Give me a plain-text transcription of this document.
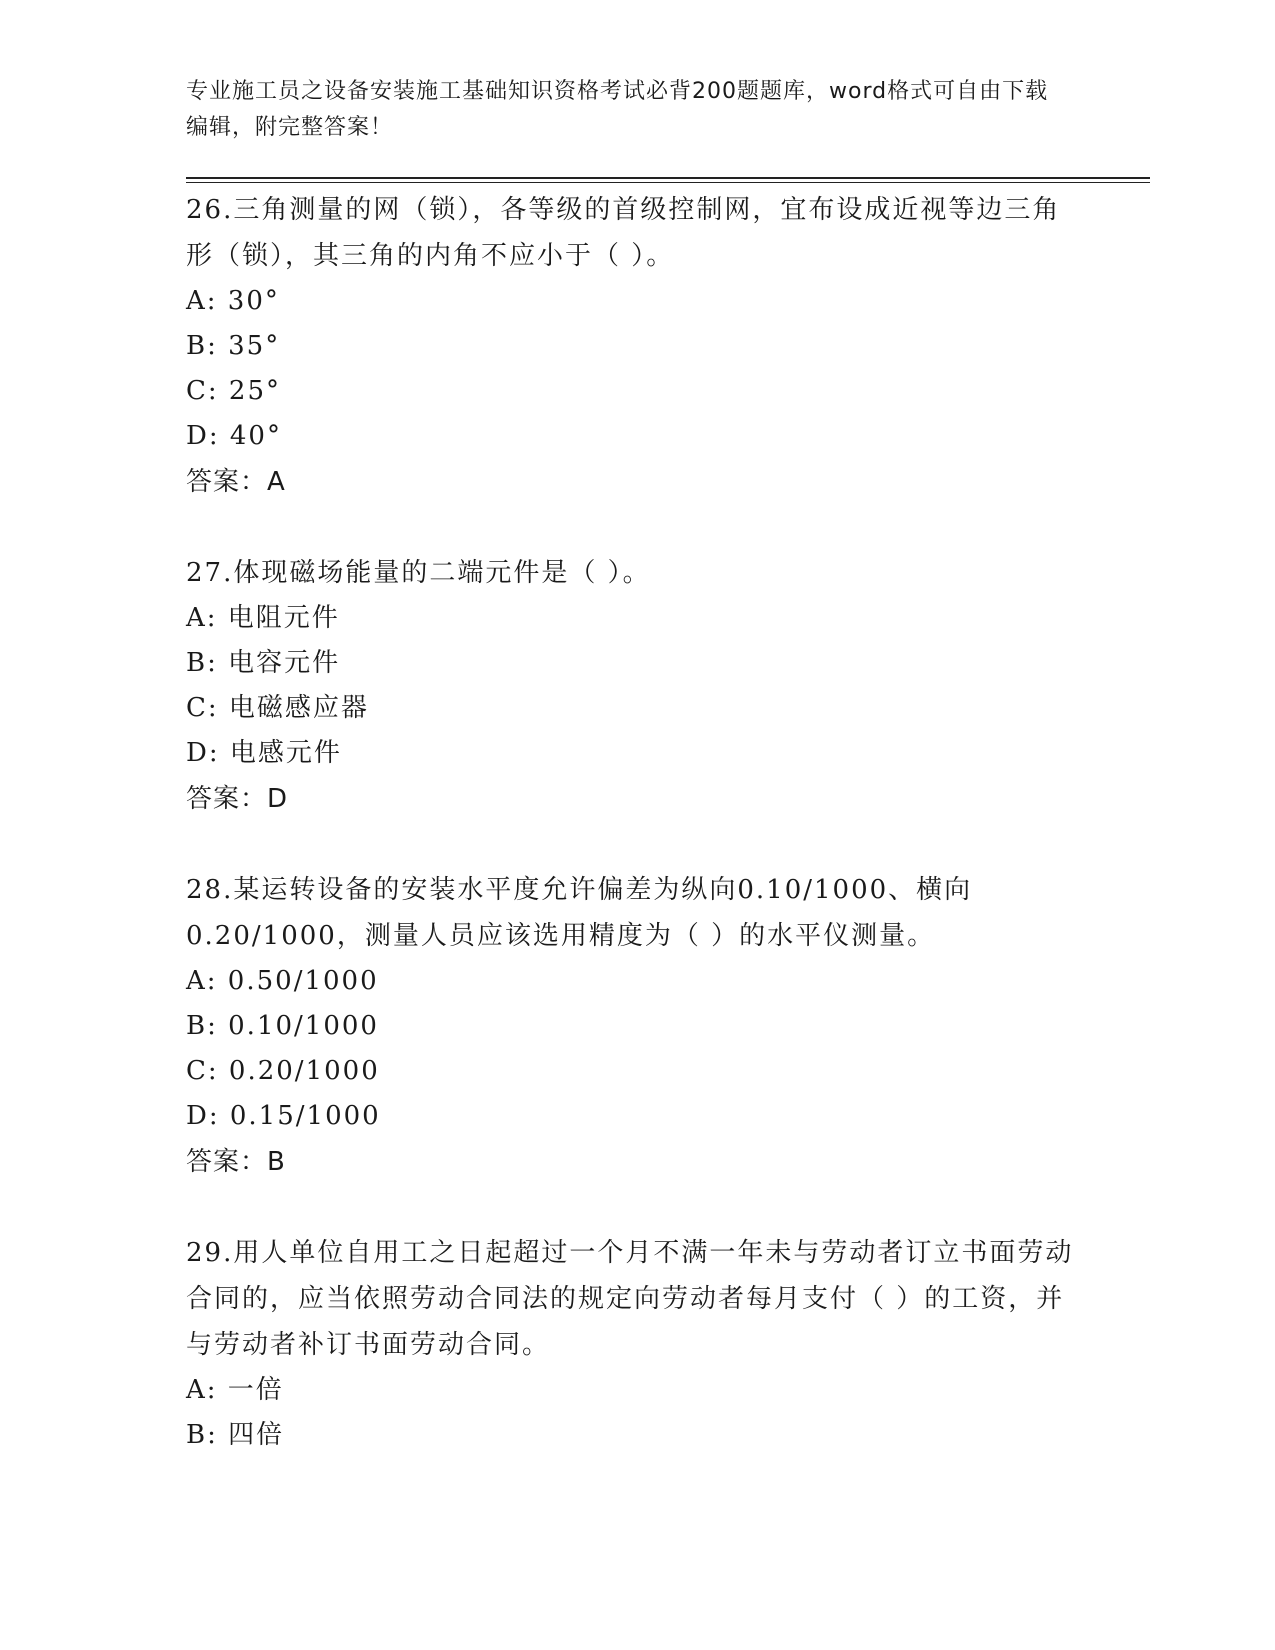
专业施工员之设备安装施工基础知识资格考试必背200题题库，word格式可自由下载编辑，附完整答案！
26.三角测量的网（锁），各等级的首级控制网，宜布设成近视等边三角形（锁），其三角的内角不应小于（ ）。
A: 30°
B: 35°
C: 25°
D: 40°
答案：A
27.体现磁场能量的二端元件是（ ）。
A: 电阻元件
B: 电容元件
C: 电磁感应器
D: 电感元件
答案：D
28.某运转设备的安装水平度允许偏差为纵向0.10/1000、横向0.20/1000，测量人员应该选用精度为（ ）的水平仪测量。
A: 0.50/1000
B: 0.10/1000
C: 0.20/1000
D: 0.15/1000
答案：B
29.用人单位自用工之日起超过一个月不满一年未与劳动者订立书面劳动合同的，应当依照劳动合同法的规定向劳动者每月支付（ ）的工资，并与劳动者补订书面劳动合同。
A: 一倍
B: 四倍
